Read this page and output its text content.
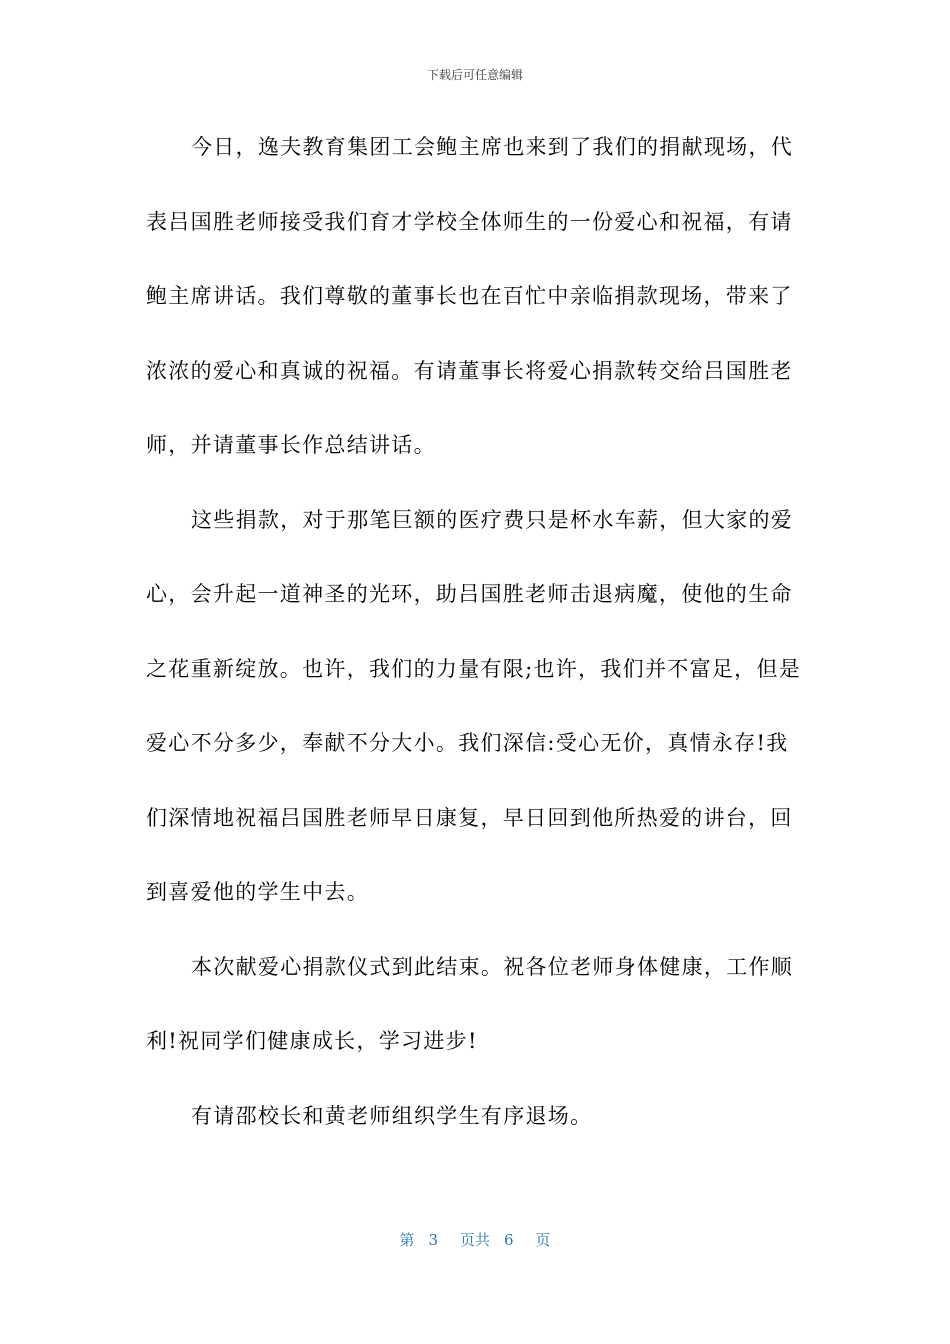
下载后可任意编辑
今日，逸夫教育集团工会鲍主席也来到了我们的捐献现场，代
表吕国胜老师接受我们育才学校全体师生的一份爱心和祝福，有请
鲍主席讲话。我们尊敬的董事长也在百忙中亲临捐款现场，带来了
浓浓的爱心和真诚的祝福。有请董事长将爱心捐款转交给吕国胜老
师，并请董事长作总结讲话。
这些捐款，对于那笔巨额的医疗费只是杯水车薪，但大家的爱
心，会升起一道神圣的光环，助吕国胜老师击退病魔，使他的生命
之花重新绽放。也许，我们的力量有限;也许，我们并不富足，但是
爱心不分多少，奉献不分大小。我们深信:受心无价，真情永存!我
们深情地祝福吕国胜老师早日康复，早日回到他所热爱的讲台，回
到喜爱他的学生中去。
本次献爱心捐款仪式到此结束。祝各位老师身体健康，工作顺
利!祝同学们健康成长，学习进步!
有请邵校长和黄老师组织学生有序退场。
第 3 页共 6 页
